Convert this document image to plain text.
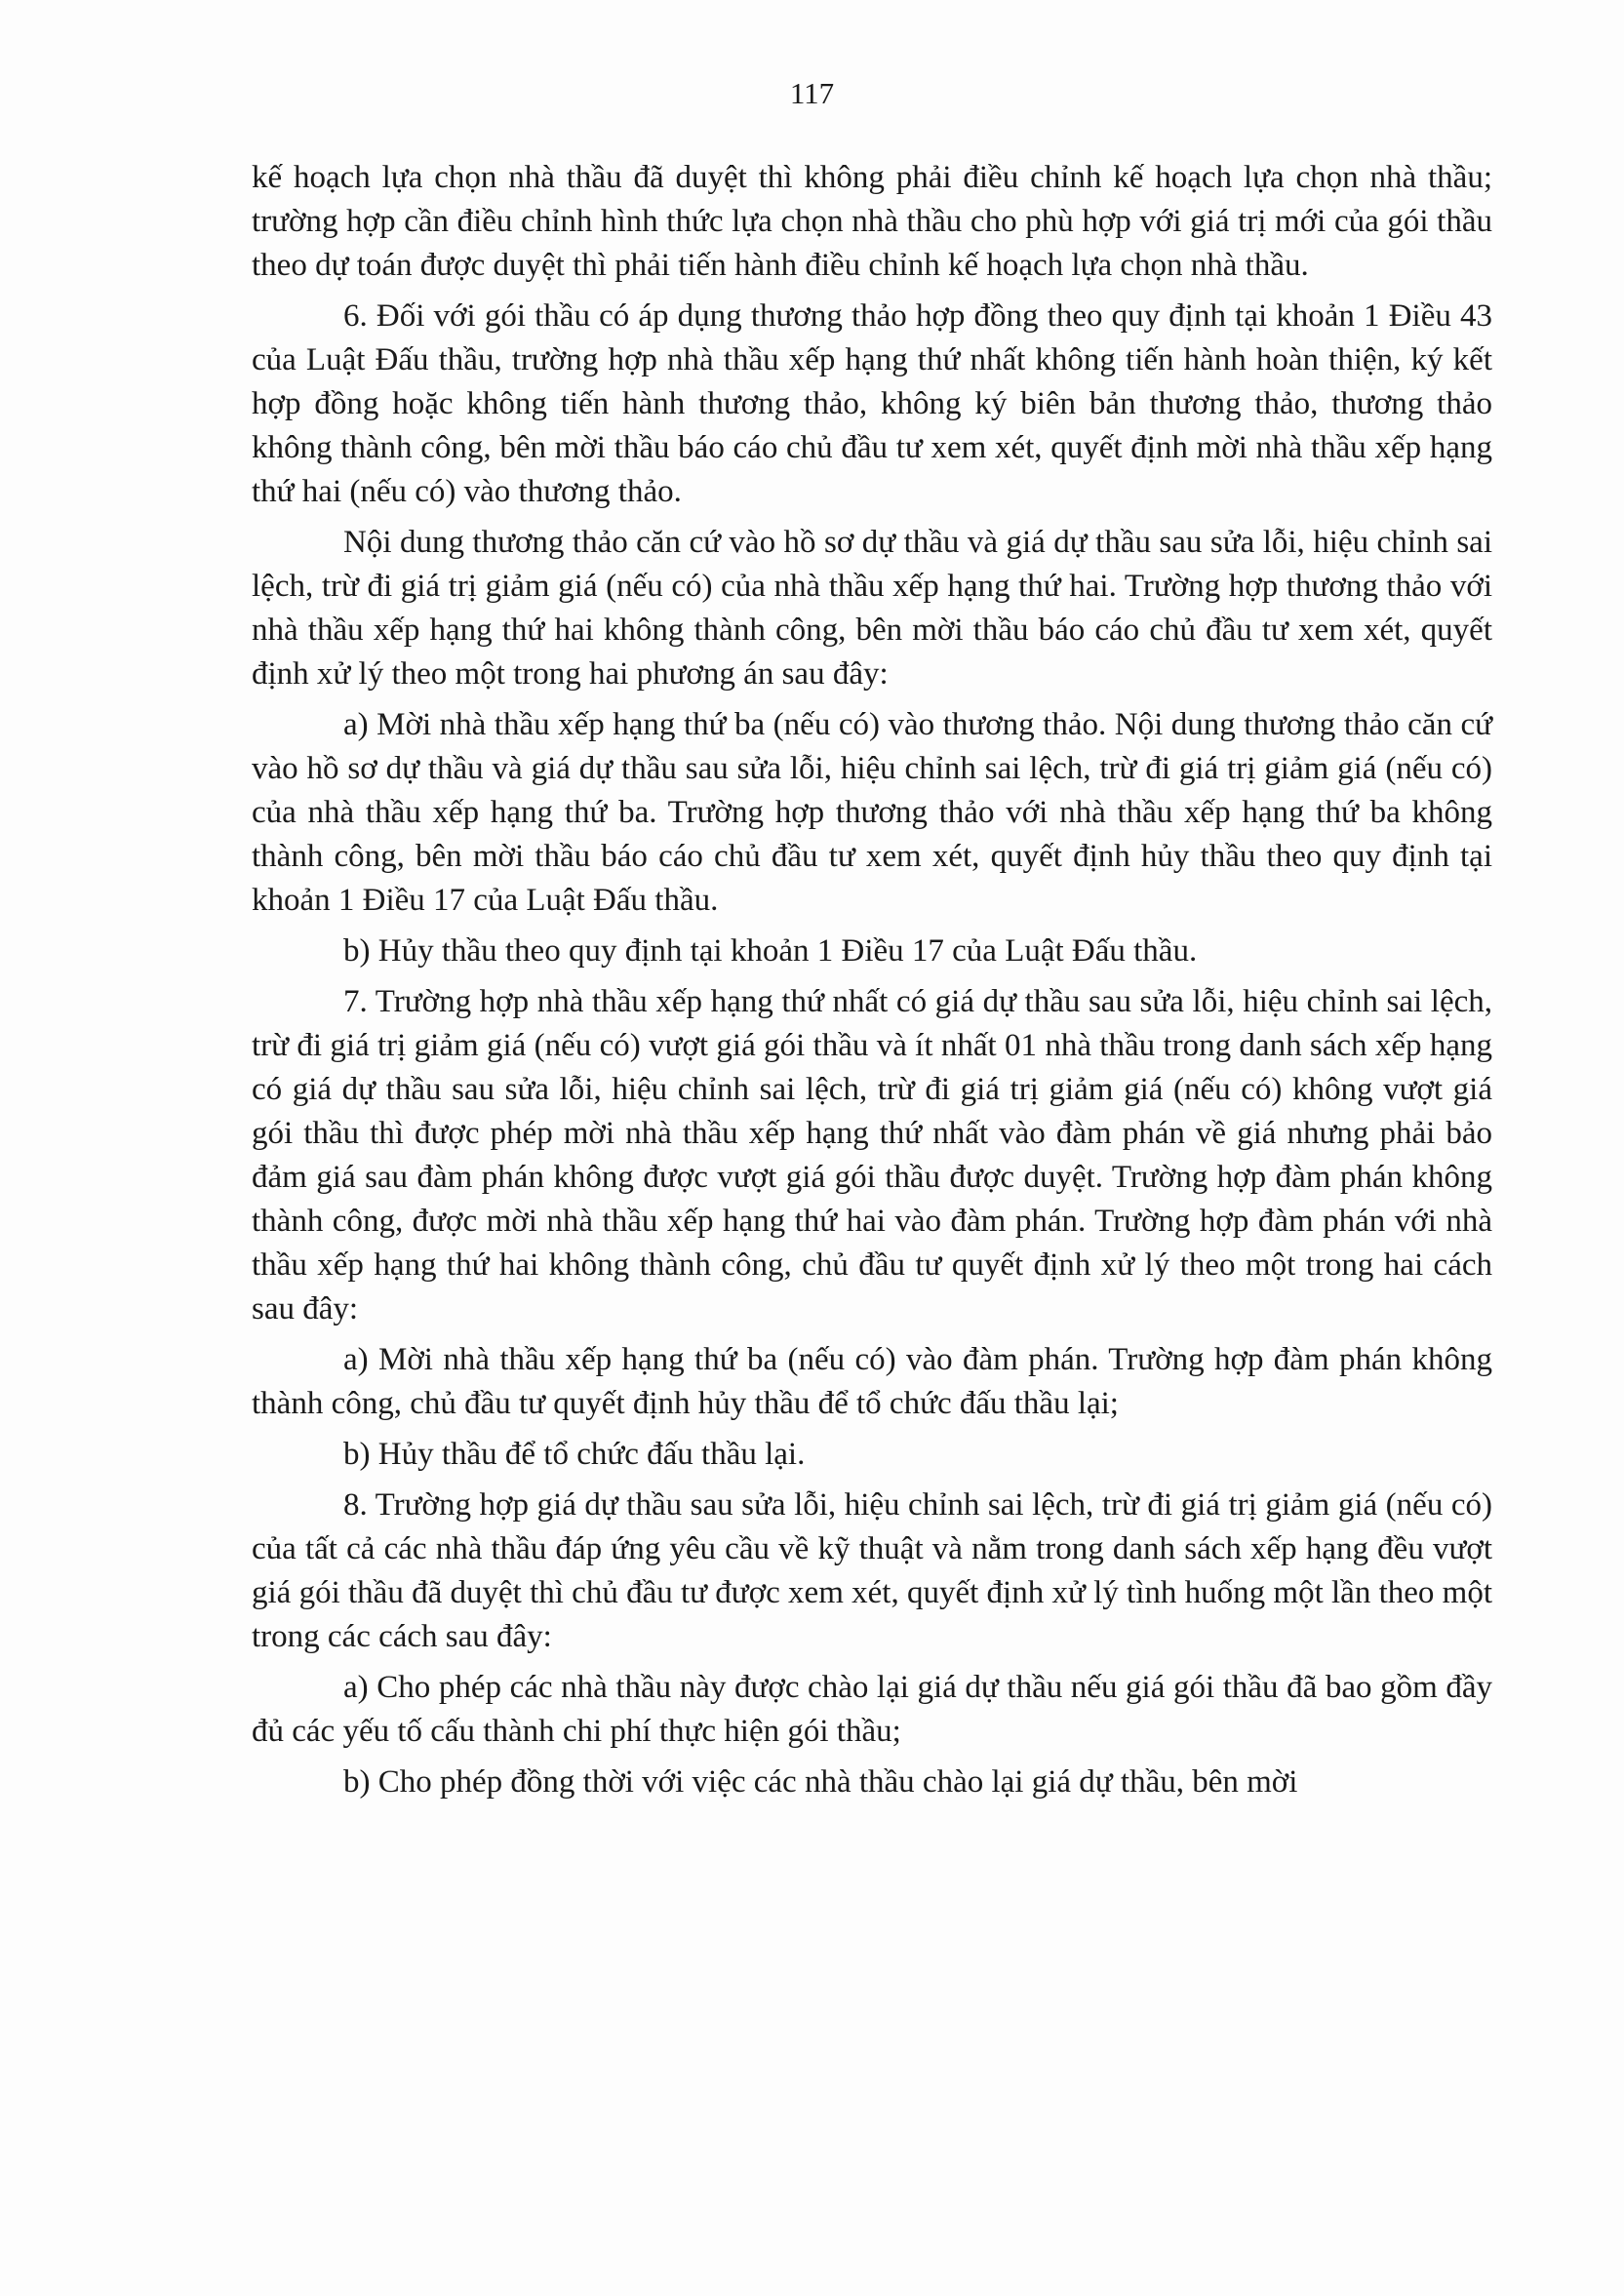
117

kế hoạch lựa chọn nhà thầu đã duyệt thì không phải điều chỉnh kế hoạch lựa chọn nhà thầu; trường hợp cần điều chỉnh hình thức lựa chọn nhà thầu cho phù hợp với giá trị mới của gói thầu theo dự toán được duyệt thì phải tiến hành điều chỉnh kế hoạch lựa chọn nhà thầu.

6. Đối với gói thầu có áp dụng thương thảo hợp đồng theo quy định tại khoản 1 Điều 43 của Luật Đấu thầu, trường hợp nhà thầu xếp hạng thứ nhất không tiến hành hoàn thiện, ký kết hợp đồng hoặc không tiến hành thương thảo, không ký biên bản thương thảo, thương thảo không thành công, bên mời thầu báo cáo chủ đầu tư xem xét, quyết định mời nhà thầu xếp hạng thứ hai (nếu có) vào thương thảo.

Nội dung thương thảo căn cứ vào hồ sơ dự thầu và giá dự thầu sau sửa lỗi, hiệu chỉnh sai lệch, trừ đi giá trị giảm giá (nếu có) của nhà thầu xếp hạng thứ hai. Trường hợp thương thảo với nhà thầu xếp hạng thứ hai không thành công, bên mời thầu báo cáo chủ đầu tư xem xét, quyết định xử lý theo một trong hai phương án sau đây:

a) Mời nhà thầu xếp hạng thứ ba (nếu có) vào thương thảo. Nội dung thương thảo căn cứ vào hồ sơ dự thầu và giá dự thầu sau sửa lỗi, hiệu chỉnh sai lệch, trừ đi giá trị giảm giá (nếu có) của nhà thầu xếp hạng thứ ba. Trường hợp thương thảo với nhà thầu xếp hạng thứ ba không thành công, bên mời thầu báo cáo chủ đầu tư xem xét, quyết định hủy thầu theo quy định tại khoản 1 Điều 17 của Luật Đấu thầu.

b) Hủy thầu theo quy định tại khoản 1 Điều 17 của Luật Đấu thầu.

7. Trường hợp nhà thầu xếp hạng thứ nhất có giá dự thầu sau sửa lỗi, hiệu chỉnh sai lệch, trừ đi giá trị giảm giá (nếu có) vượt giá gói thầu và ít nhất 01 nhà thầu trong danh sách xếp hạng có giá dự thầu sau sửa lỗi, hiệu chỉnh sai lệch, trừ đi giá trị giảm giá (nếu có) không vượt giá gói thầu thì được phép mời nhà thầu xếp hạng thứ nhất vào đàm phán về giá nhưng phải bảo đảm giá sau đàm phán không được vượt giá gói thầu được duyệt. Trường hợp đàm phán không thành công, được mời nhà thầu xếp hạng thứ hai vào đàm phán. Trường hợp đàm phán với nhà thầu xếp hạng thứ hai không thành công, chủ đầu tư quyết định xử lý theo một trong hai cách sau đây:

a) Mời nhà thầu xếp hạng thứ ba (nếu có) vào đàm phán. Trường hợp đàm phán không thành công, chủ đầu tư quyết định hủy thầu để tổ chức đấu thầu lại;

b) Hủy thầu để tổ chức đấu thầu lại.

8. Trường hợp giá dự thầu sau sửa lỗi, hiệu chỉnh sai lệch, trừ đi giá trị giảm giá (nếu có) của tất cả các nhà thầu đáp ứng yêu cầu về kỹ thuật và nằm trong danh sách xếp hạng đều vượt giá gói thầu đã duyệt thì chủ đầu tư được xem xét, quyết định xử lý tình huống một lần theo một trong các cách sau đây:

a) Cho phép các nhà thầu này được chào lại giá dự thầu nếu giá gói thầu đã bao gồm đầy đủ các yếu tố cấu thành chi phí thực hiện gói thầu;

b) Cho phép đồng thời với việc các nhà thầu chào lại giá dự thầu, bên mời
